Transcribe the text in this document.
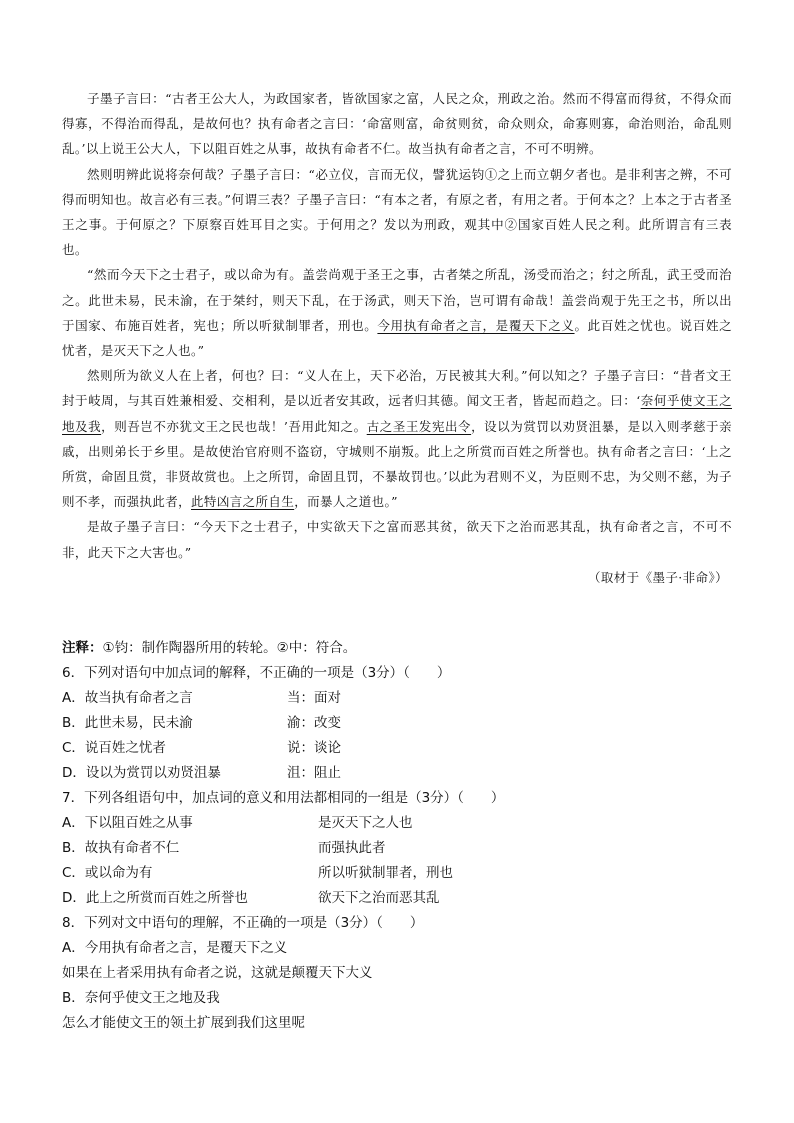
子墨子言曰：“古者王公大人，为政国家者，皆欲国家之富，人民之众，刑政之治。然而不得富而得贫，不得众而得寡，不得治而得乱，是故何也？执有命者之言曰：‘命富则富，命贫则贫，命众则众，命寡则寡，命治则治，命乱则乱。’以上说王公大人，下以阻百姓之从事，故执有命者不仁。故当执有命者之言，不可不明辨。

然则明辨此说将奈何哉？子墨子言曰：“必立仪，言而无仪，譬犹运钧①之上而立朝夕者也。是非利害之辨，不可得而明知也。故言必有三表。”何谓三表？子墨子言曰：“有本之者，有原之者，有用之者。于何本之？上本之于古者圣王之事。于何原之？下原察百姓耳目之实。于何用之？发以为刑政，观其中②国家百姓人民之利。此所谓言有三表也。

“然而今天下之士君子，或以命为有。盖尝尚观于圣王之事，古者桀之所乱，汤受而治之；纣之所乱，武王受而治之。此世未易，民未渝，在于桀纣，则天下乱，在于汤武，则天下治，岂可谓有命哉！盖尝尚观于先王之书，所以出于国家、布施百姓者，宪也；所以听狱制罪者，刑也。今用执有命者之言，是覆天下之义。此百姓之忧也。说百姓之忧者，是灭天下之人也。”

然则所为欲义人在上者，何也？曰：“义人在上，天下必治，万民被其大利。”何以知之？子墨子言曰：“昔者文王封于岐周，与其百姓兼相爱、交相利，是以近者安其政，远者归其德。闻文王者，皆起而趋之。曰：‘奈何乎使文王之地及我，则吾岂不亦犹文王之民也哉！’吾用此知之。古之圣王发宪出令，设以为赏罚以劝贤沮暴，是以入则孝慈于亲戚，出则弟长于乡里。是故使治官府则不盗窃，守城则不崩叛。此上之所赏而百姓之所誉也。执有命者之言曰：‘上之所赏，命固且赏，非贤故赏也。上之所罚，命固且罚，不暴故罚也。’以此为君则不义，为臣则不忠，为父则不慈，为子则不孝，而强执此者，此特凶言之所自生，而暴人之道也。”

是故子墨子言曰：“今天下之士君子，中实欲天下之富而恶其贫，欲天下之治而恶其乱，执有命者之言，不可不非，此天下之大害也。”

（取材于《墨子·非命》）
注释：①钧：制作陶器所用的转轮。②中：符合。
6．下列对语句中加点词的解释，不正确的一项是（3分）（　　）
A．故当执有命者之言	当：面对
B．此世未易，民未渝	渝：改变
C．说百姓之忧者	说：谈论
D．设以为赏罚以劝贤沮暴	沮：阻止
7．下列各组语句中，加点词的意义和用法都相同的一组是（3分）（　　）
A．下以阻百姓之从事	是灭天下之人也
B．故执有命者不仁	而强执此者
C．或以命为有	所以听狱制罪者，刑也
D．此上之所赏而百姓之所誉也	欲天下之治而恶其乱
8．下列对文中语句的理解，不正确的一项是（3分）（　　）
A．今用执有命者之言，是覆天下之义
如果在上者采用执有命者之说，这就是颠覆天下大义
B．奈何乎使文王之地及我
怎么才能使文王的领土扩展到我们这里呢
